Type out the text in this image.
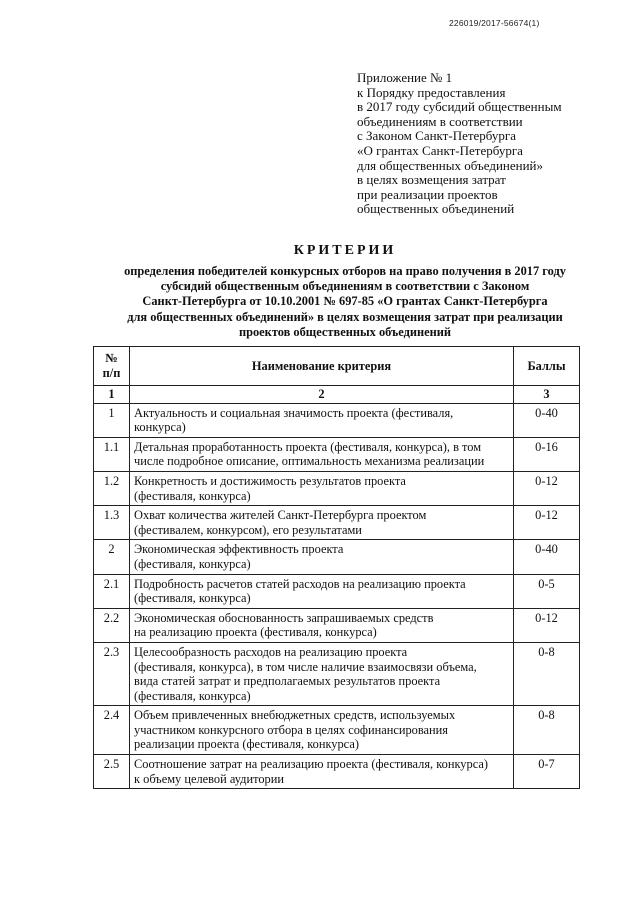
226019/2017-56674(1)
Приложение № 1
к Порядку предоставления
в 2017 году субсидий общественным
объединениям в соответствии
с Законом Санкт-Петербурга
«О грантах Санкт-Петербурга
для общественных объединений»
в целях возмещения затрат
при реализации проектов
общественных объединений
КРИТЕРИИ
определения победителей конкурсных отборов на право получения в 2017 году
субсидий общественным объединениям в соответствии с Законом
Санкт-Петербурга от 10.10.2001 № 697-85 «О грантах Санкт-Петербурга
для общественных объединений» в целях возмещения затрат при реализации
проектов общественных объединений
№
п/п	Наименование критерия	Баллы
1	2	3
1	Актуальность и социальная значимость проекта (фестиваля,
конкурса)	0-40
1.1	Детальная проработанность проекта (фестиваля, конкурса), в том
числе подробное описание, оптимальность механизма реализации	0-16
1.2	Конкретность и достижимость результатов проекта
(фестиваля, конкурса)	0-12
1.3	Охват количества жителей Санкт-Петербурга проектом
(фестивалем, конкурсом), его результатами	0-12
2	Экономическая эффективность проекта
(фестиваля, конкурса)	0-40
2.1	Подробность расчетов статей расходов на реализацию проекта
(фестиваля, конкурса)	0-5
2.2	Экономическая обоснованность запрашиваемых средств
на реализацию проекта (фестиваля, конкурса)	0-12
2.3	Целесообразность расходов на реализацию проекта
(фестиваля, конкурса), в том числе наличие взаимосвязи объема,
вида статей затрат и предполагаемых результатов проекта
(фестиваля, конкурса)	0-8
2.4	Объем привлеченных внебюджетных средств, используемых
участником конкурсного отбора в целях софинансирования
реализации проекта (фестиваля, конкурса)	0-8
2.5	Соотношение затрат на реализацию проекта (фестиваля, конкурса)
к объему целевой аудитории	0-7
